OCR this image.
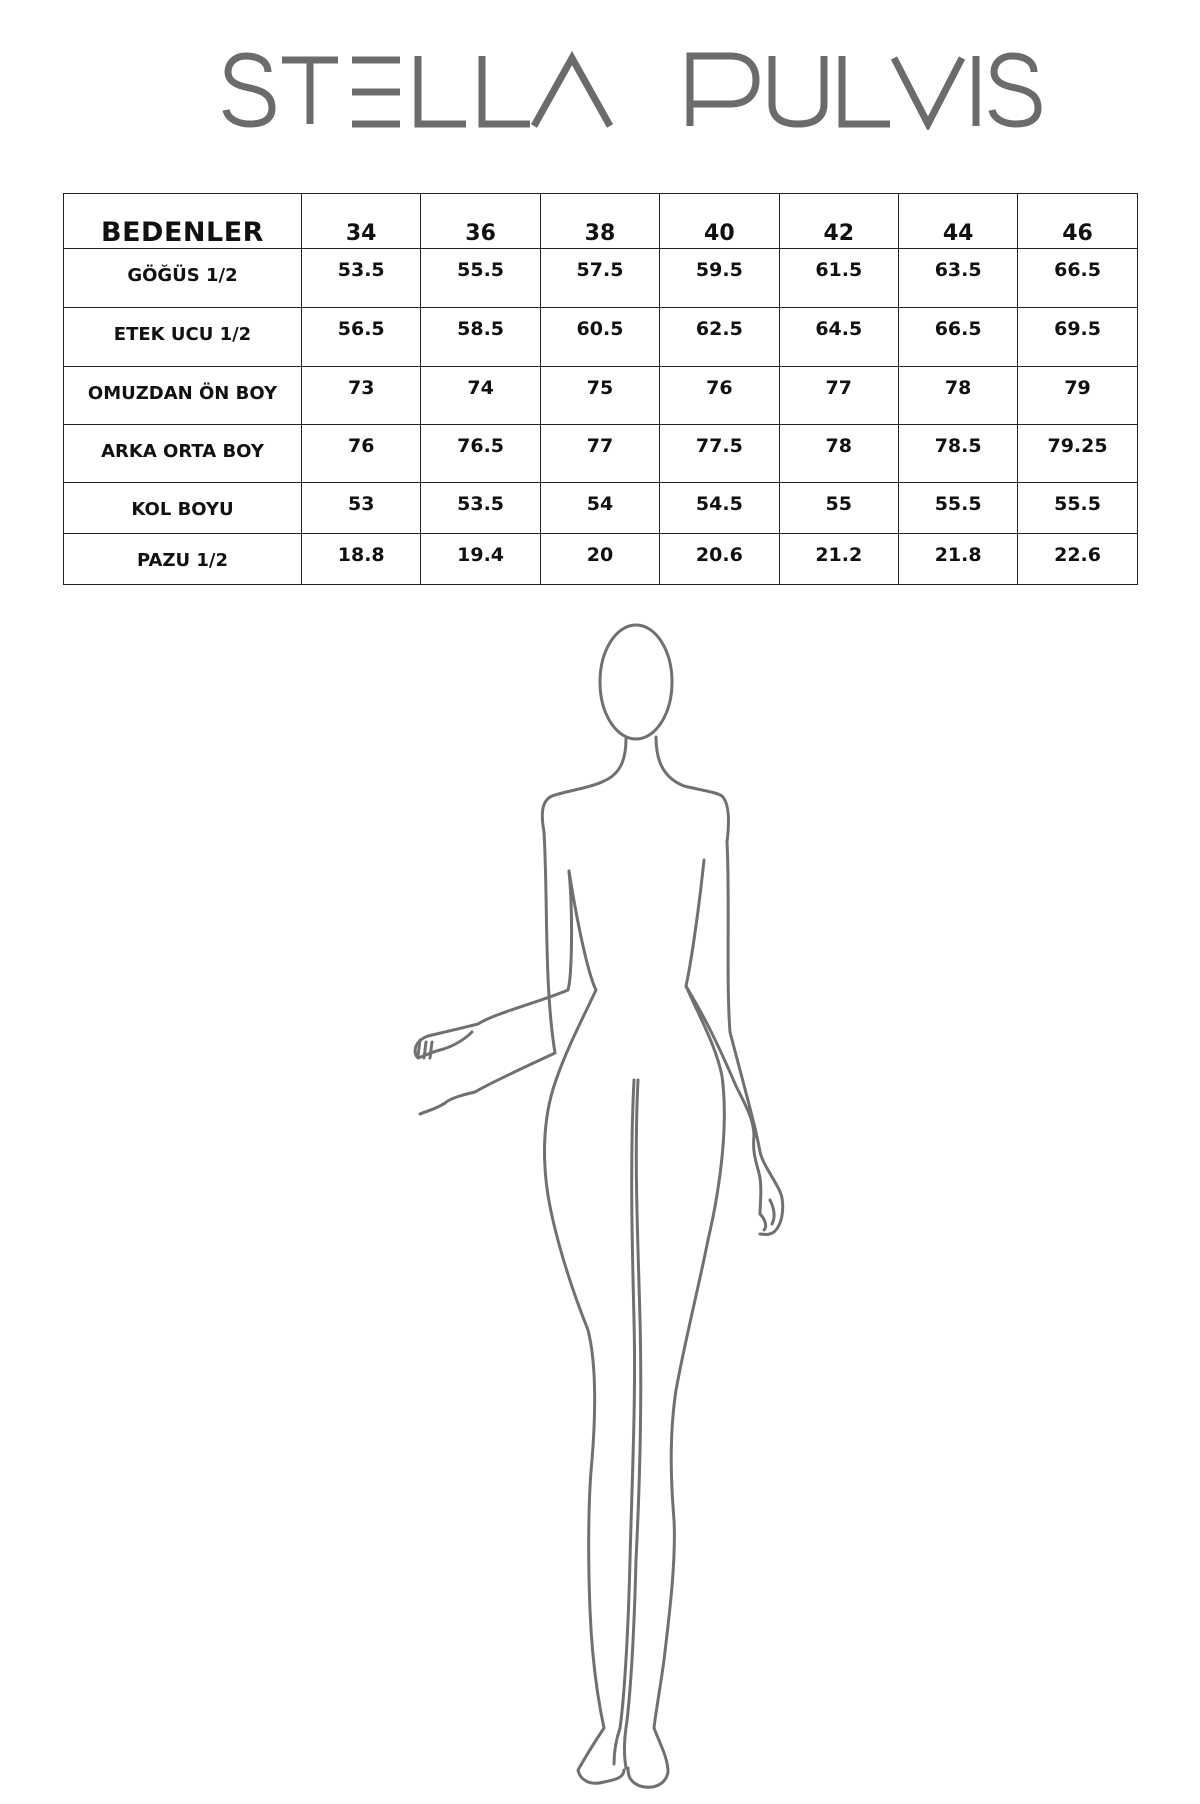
BEDENLER	34	36	38	40	42	44	46
GÖĞÜS 1/2	53.5	55.5	57.5	59.5	61.5	63.5	66.5
ETEK UCU 1/2	56.5	58.5	60.5	62.5	64.5	66.5	69.5
OMUZDAN ÖN BOY	73	74	75	76	77	78	79
ARKA ORTA BOY	76	76.5	77	77.5	78	78.5	79.25
KOL BOYU	53	53.5	54	54.5	55	55.5	55.5
PAZU 1/2	18.8	19.4	20	20.6	21.2	21.8	22.6
